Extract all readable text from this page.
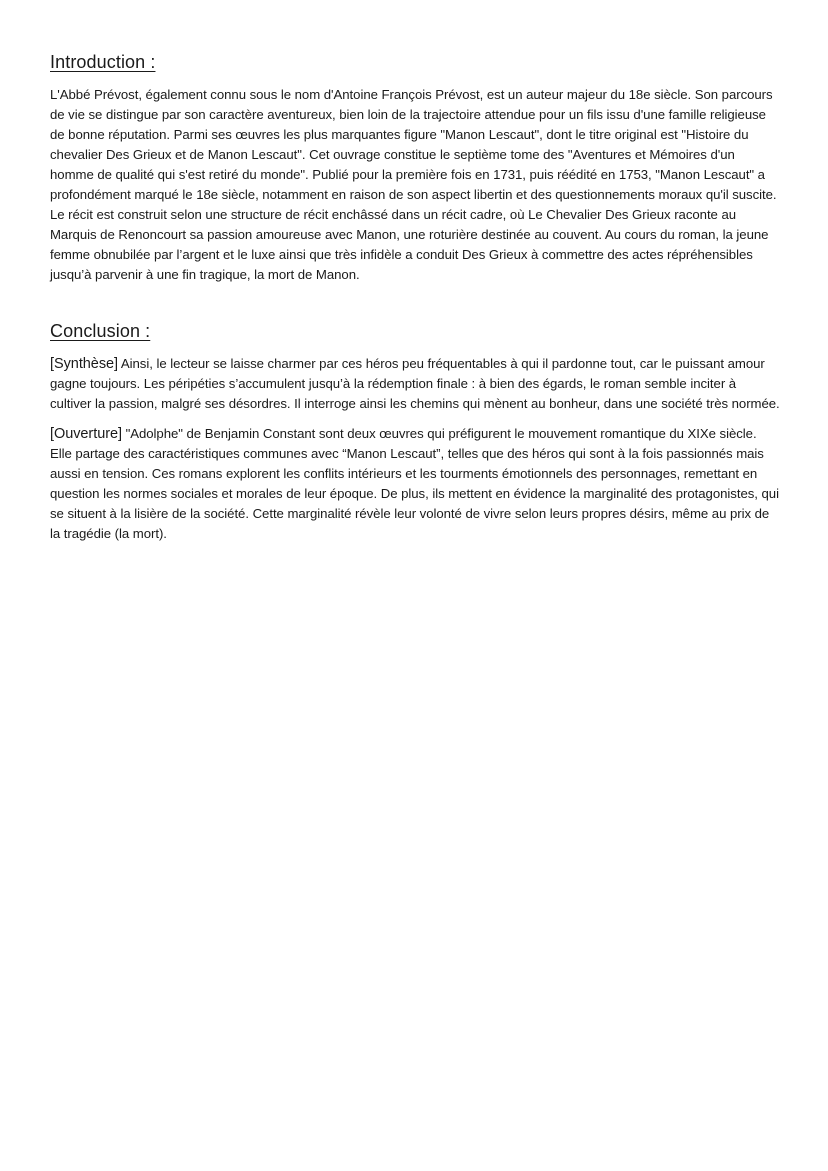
Introduction :

L'Abbé Prévost, également connu sous le nom d'Antoine François Prévost, est un auteur majeur du 18e siècle. Son parcours de vie se distingue par son caractère aventureux, bien loin de la trajectoire attendue pour un fils issu d'une famille religieuse de bonne réputation. Parmi ses œuvres les plus marquantes figure "Manon Lescaut", dont le titre original est "Histoire du chevalier Des Grieux et de Manon Lescaut". Cet ouvrage constitue le septième tome des "Aventures et Mémoires d'un homme de qualité qui s'est retiré du monde". Publié pour la première fois en 1731, puis réédité en 1753, "Manon Lescaut" a profondément marqué le 18e siècle, notamment en raison de son aspect libertin et des questionnements moraux qu'il suscite. Le récit est construit selon une structure de récit enchâssé dans un récit cadre, où Le Chevalier Des Grieux raconte au Marquis de Renoncourt sa passion amoureuse avec Manon, une roturière destinée au couvent. Au cours du roman, la jeune femme obnubilée par l’argent et le luxe ainsi que très infidèle a conduit Des Grieux à commettre des actes répréhensibles jusqu’à parvenir à une fin tragique, la mort de Manon.

Conclusion :

[Synthèse] Ainsi, le lecteur se laisse charmer par ces héros peu fréquentables à qui il pardonne tout, car le puissant amour gagne toujours. Les péripéties s’accumulent jusqu’à la rédemption finale : à bien des égards, le roman semble inciter à cultiver la passion, malgré ses désordres. Il interroge ainsi les chemins qui mènent au bonheur, dans une société très normée.

[Ouverture] "Adolphe" de Benjamin Constant sont deux œuvres qui préfigurent le mouvement romantique du XIXe siècle. Elle partage des caractéristiques communes avec “Manon Lescaut”, telles que des héros qui sont à la fois passionnés mais aussi en tension. Ces romans explorent les conflits intérieurs et les tourments émotionnels des personnages, remettant en question les normes sociales et morales de leur époque. De plus, ils mettent en évidence la marginalité des protagonistes, qui se situent à la lisière de la société. Cette marginalité révèle leur volonté de vivre selon leurs propres désirs, même au prix de la tragédie (la mort).
